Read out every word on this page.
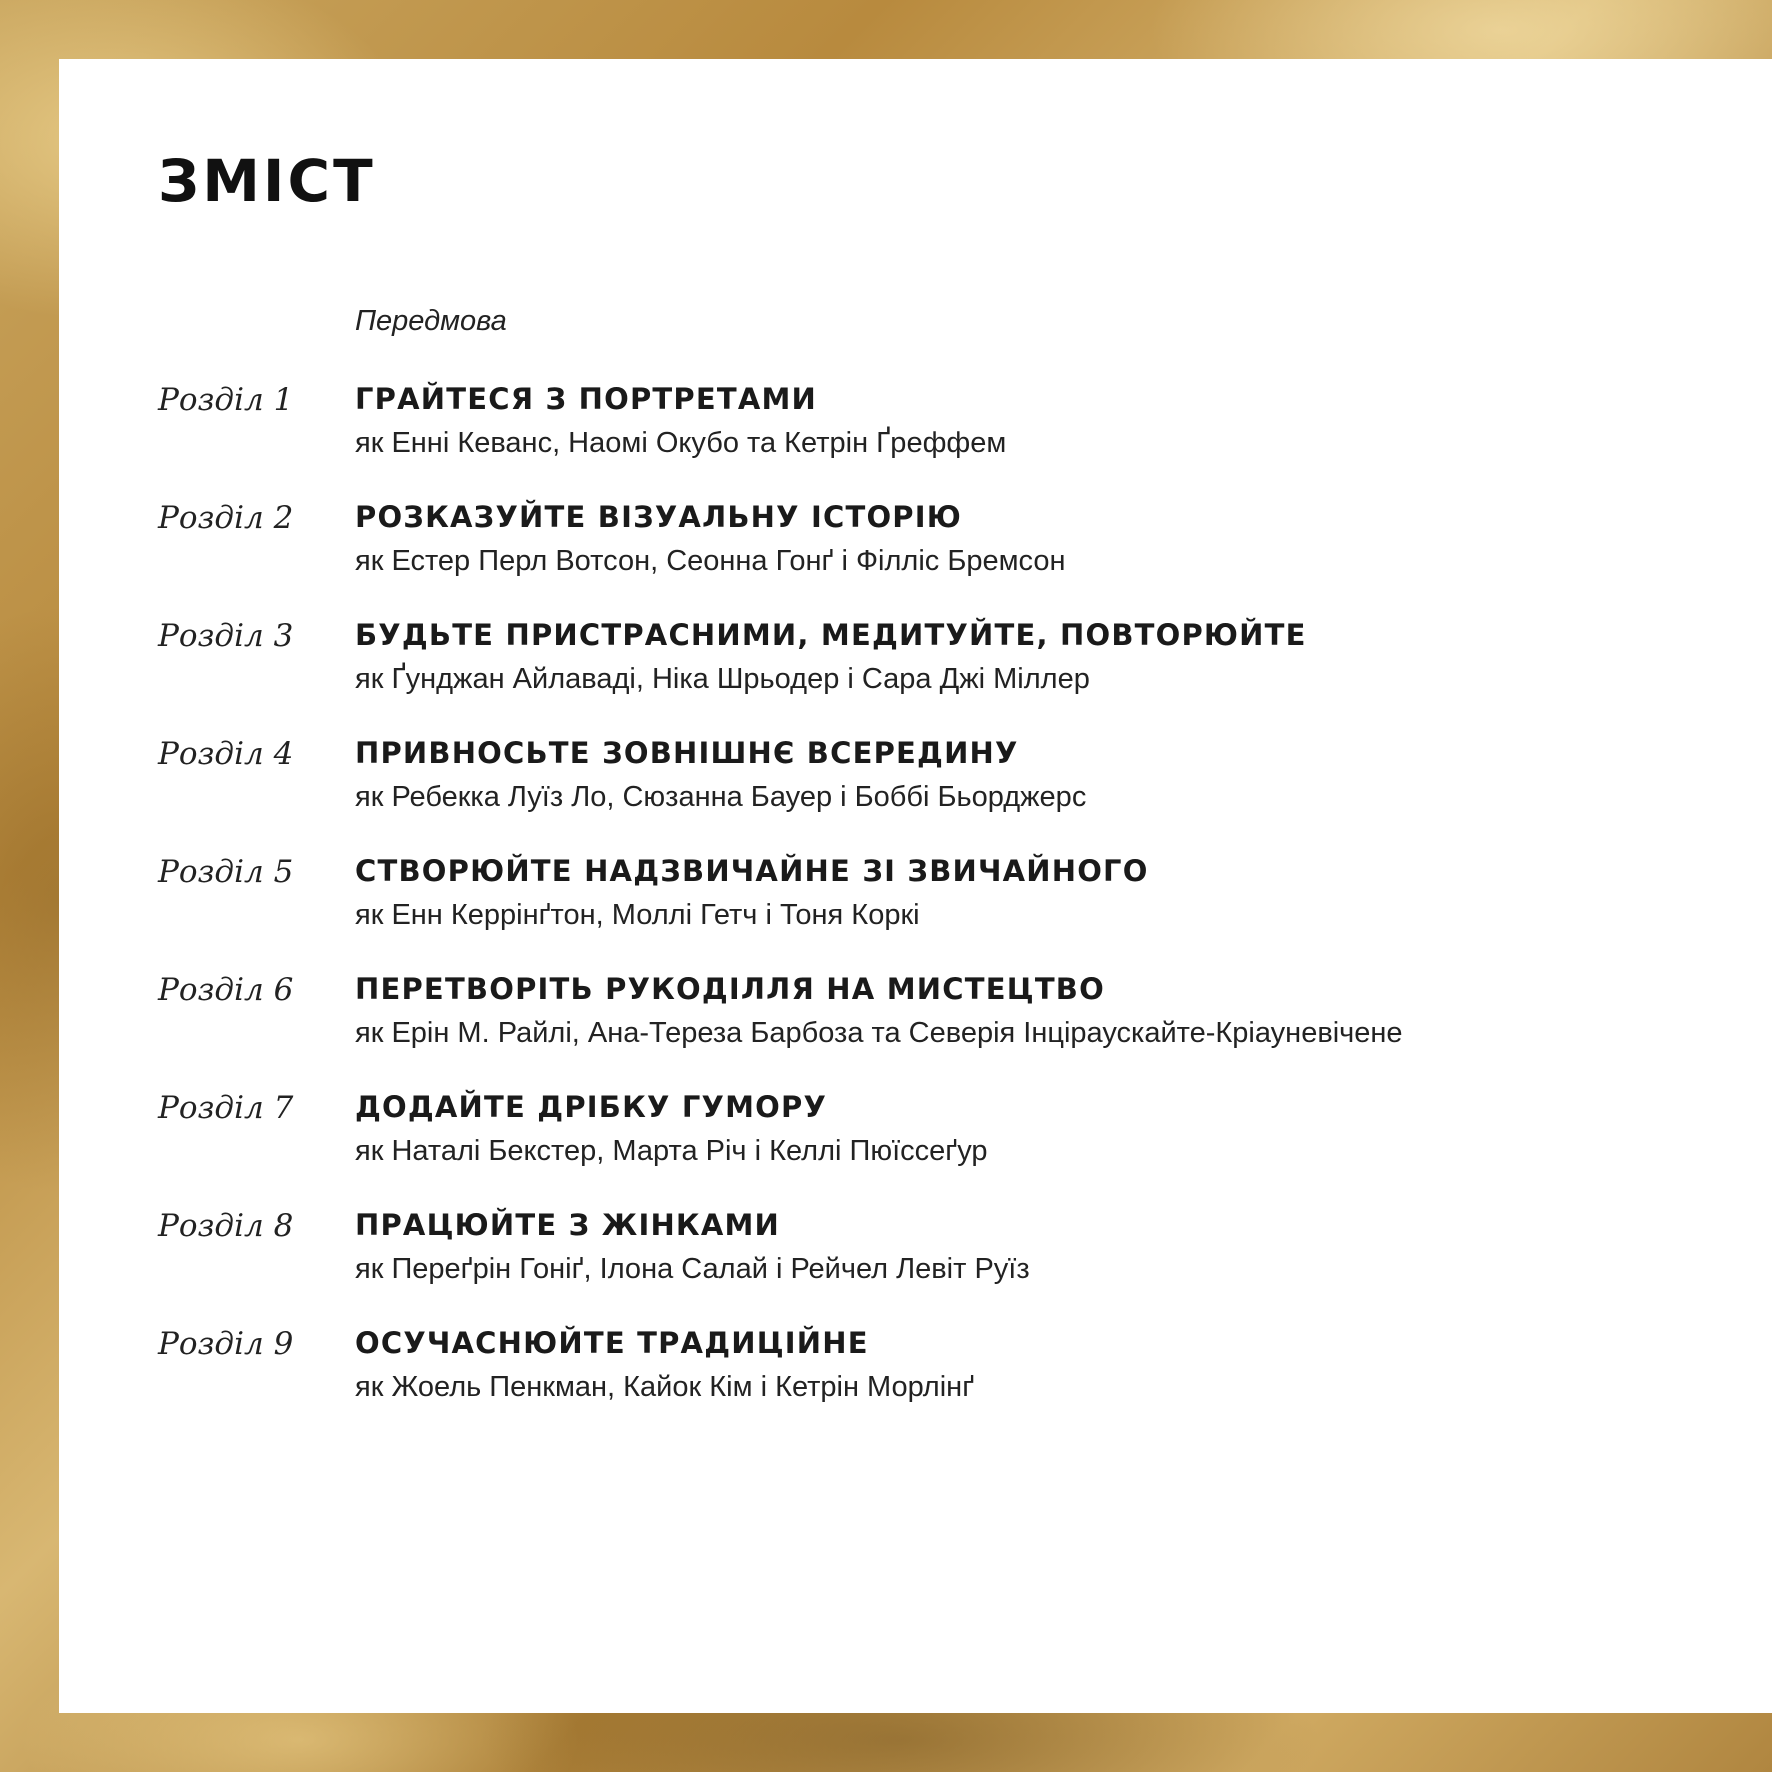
ЗМІСТ
Передмова
Розділ 1 ГРАЙТЕСЯ З ПОРТРЕТАМИ
як Енні Кеванс, Наомі Окубо та Кетрін Ґреффем
Розділ 2 РОЗКАЗУЙТЕ ВІЗУАЛЬНУ ІСТОРІЮ
як Естер Перл Вотсон, Сеонна Гонґ і Філліс Бремсон
Розділ 3 БУДЬТЕ ПРИСТРАСНИМИ, МЕДИТУЙТЕ, ПОВТОРЮЙТЕ
як Ґунджан Айлаваді, Ніка Шрьодер і Сара Джі Міллер
Розділ 4 ПРИВНОСЬТЕ ЗОВНІШНЄ ВСЕРЕДИНУ
як Ребекка Луїз Ло, Сюзанна Бауер і Боббі Бьорджерс
Розділ 5 СТВОРЮЙТЕ НАДЗВИЧАЙНЕ ЗІ ЗВИЧАЙНОГО
як Енн Керрінґтон, Моллі Гетч і Тоня Коркі
Розділ 6 ПЕРЕТВОРІТЬ РУКОДІЛЛЯ НА МИСТЕЦТВО
як Ерін М. Райлі, Ана-Тереза Барбоза та Северія Інціраускайте-Кріауневічене
Розділ 7 ДОДАЙТЕ ДРІБКУ ГУМОРУ
як Наталі Бекстер, Марта Річ і Келлі Пюїссеґур
Розділ 8 ПРАЦЮЙТЕ З ЖІНКАМИ
як Переґрін Гоніґ, Ілона Салай і Рейчел Левіт Руїз
Розділ 9 ОСУЧАСНЮЙТЕ ТРАДИЦІЙНЕ
як Жоель Пенкман, Кайок Кім і Кетрін Морлінґ
